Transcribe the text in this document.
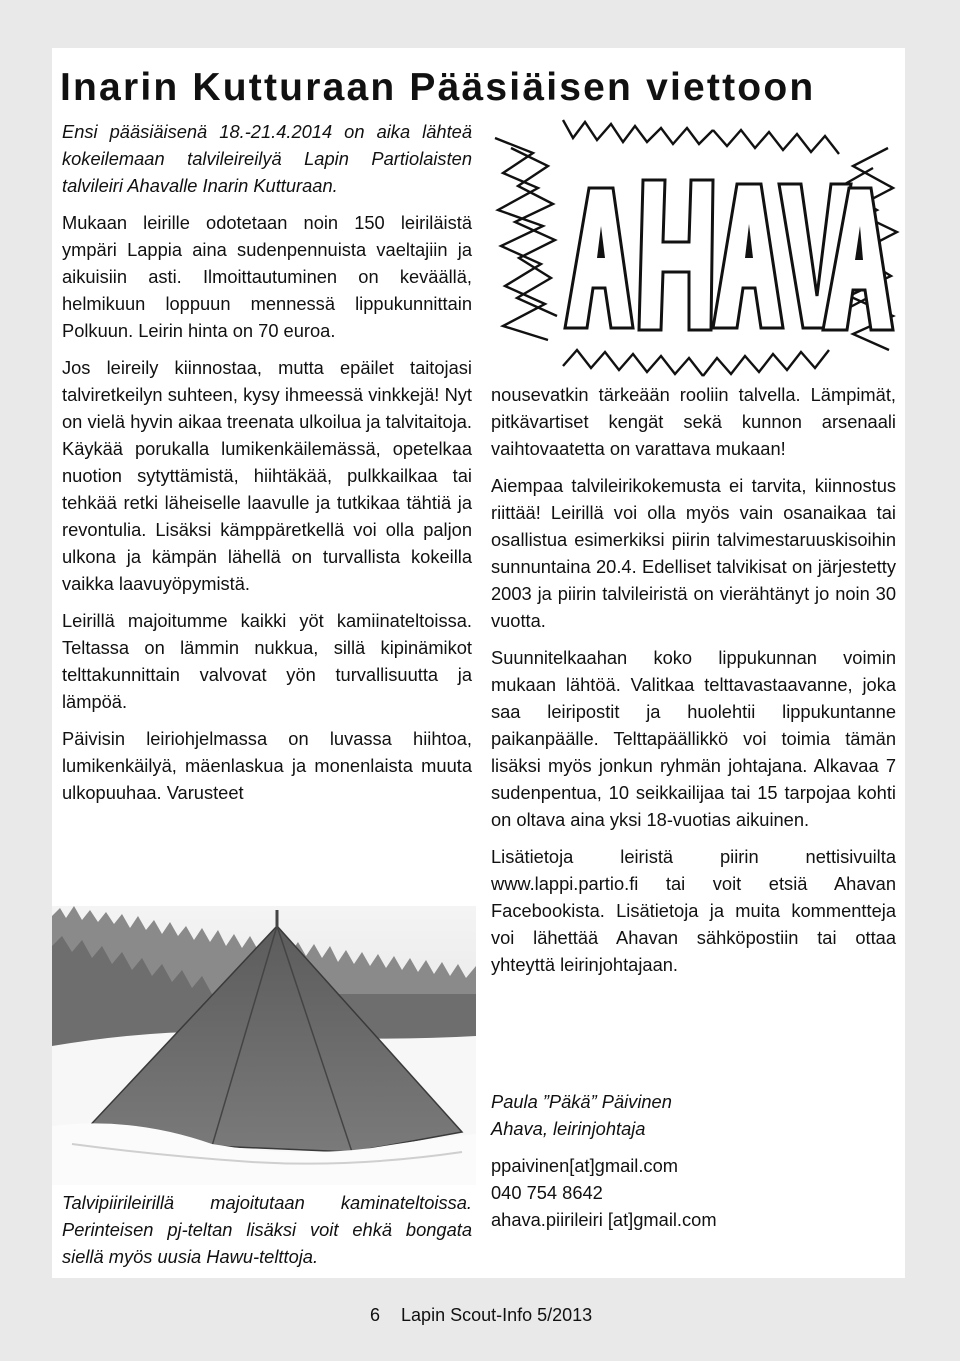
Inarin Kutturaan Pääsiäisen viettoon

Ensi pääsiäisenä 18.-21.4.2014 on aika lähteä kokeilemaan talvileireilyä Lapin Partiolaisten talvileiri Ahavalle Inarin Kutturaan.

Mukaan leirille odotetaan noin 150 leiriläistä ympäri Lappia aina sudenpennuista vaeltajiin ja aikuisiin asti. Ilmoittautuminen on keväällä, helmikuun loppuun mennessä lippukunnittain Polkuun. Leirin hinta on 70 euroa.

Jos leireily kiinnostaa, mutta epäilet taitojasi talviretkeilyn suhteen, kysy ihmeessä vinkkejä! Nyt on vielä hyvin aikaa treenata ulkoilua ja talvitaitoja. Käykää porukalla lumikenkäilemässä, opetelkaa nuotion sytyttämistä, hiihtäkää, pulkkailkaa tai tehkää retki läheiselle laavulle ja tutkikaa tähtiä ja revontulia. Lisäksi kämppäretkellä voi olla paljon ulkona ja kämpän lähellä on turvallista kokeilla vaikka laavuyöpymistä.

Leirillä majoitumme kaikki yöt kamiinateltoissa. Teltassa on lämmin nukkua, sillä kipinämikot telttakunnittain valvovat yön turvallisuutta ja lämpöä.

Päivisin leiriohjelmassa on luvassa hiihtoa, lumikenkäilyä, mäenlaskua ja monenlaista muuta ulkopuuhaa. Varusteet

nousevatkin tärkeään rooliin talvella. Lämpimät, pitkävartiset kengät sekä kunnon arsenaali vaihtovaatetta on varattava mukaan!

Aiempaa talvileirikokemusta ei tarvita, kiinnostus riittää! Leirillä voi olla myös vain osanaikaa tai osallistua esimerkiksi piirin talvimestaruuskisoihin sunnuntaina 20.4. Edelliset talvikisat on järjestetty 2003 ja piirin talvileiristä on vierähtänyt jo noin 30 vuotta.

Suunnitelkaahan koko lippukunnan voimin mukaan lähtöä. Valitkaa telttavastaavanne, joka saa leiripostit ja huolehtii lippukuntanne paikanpäälle. Telttapäällikkö voi toimia tämän lisäksi myös jonkun ryhmän johtajana. Alkavaa 7 sudenpentua, 10 seikkailijaa tai 15 tarpojaa kohti on oltava aina yksi 18-vuotias aikuinen.

Lisätietoja leiristä piirin nettisivuilta www.lappi.partio.fi tai voit etsiä Ahavan Facebookista. Lisätietoja ja muita kommentteja voi lähettää Ahavan sähköpostiin tai ottaa yhteyttä leirinjohtajaan.

Paula ”Päkä” Päivinen
Ahava, leirinjohtaja

ppaivinen[at]gmail.com
040 754 8642
ahava.piirileiri [at]gmail.com

Talvipiirileirillä majoitutaan kaminateltoissa. Perinteisen pj-teltan lisäksi voit ehkä bongata siellä myös uusia Hawu-telttoja.
6 Lapin Scout-Info 5/2013
